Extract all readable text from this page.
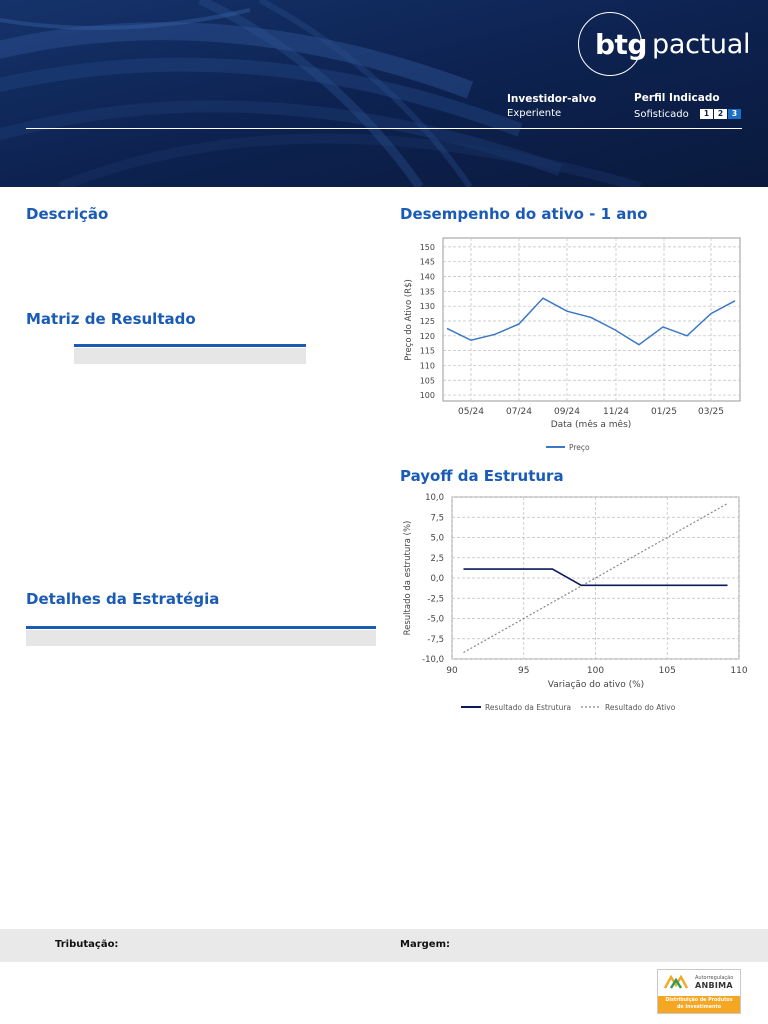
btg pactual
Investidor-alvo
Experiente
Perfil Indicado
Sofisticado	1	2	3
Descrição
Matriz de Resultado
Detalhes da Estratégia
Desempenho do ativo - 1 ano
100
105
110
115
120
125
130
135
140
145
150
05/24 07/24 09/24	11/24 01/25 03/25
Data (mês a mês)
Preço do Ativo (R$)
Preço
Payoff da Estrutura
10,0
7,5
5,0
2,5
0,0
-2,5
-5,0
-7,5
-10,0
90	95	100	105	110
Variação do ativo (%)
Resultado da estrutura (%)
Resultado da Estrutura	Resultado do Ativo
Tributação:	Margem:
Autorregulação
ANBIMA
Distribuição de Produtos
de Investimento
